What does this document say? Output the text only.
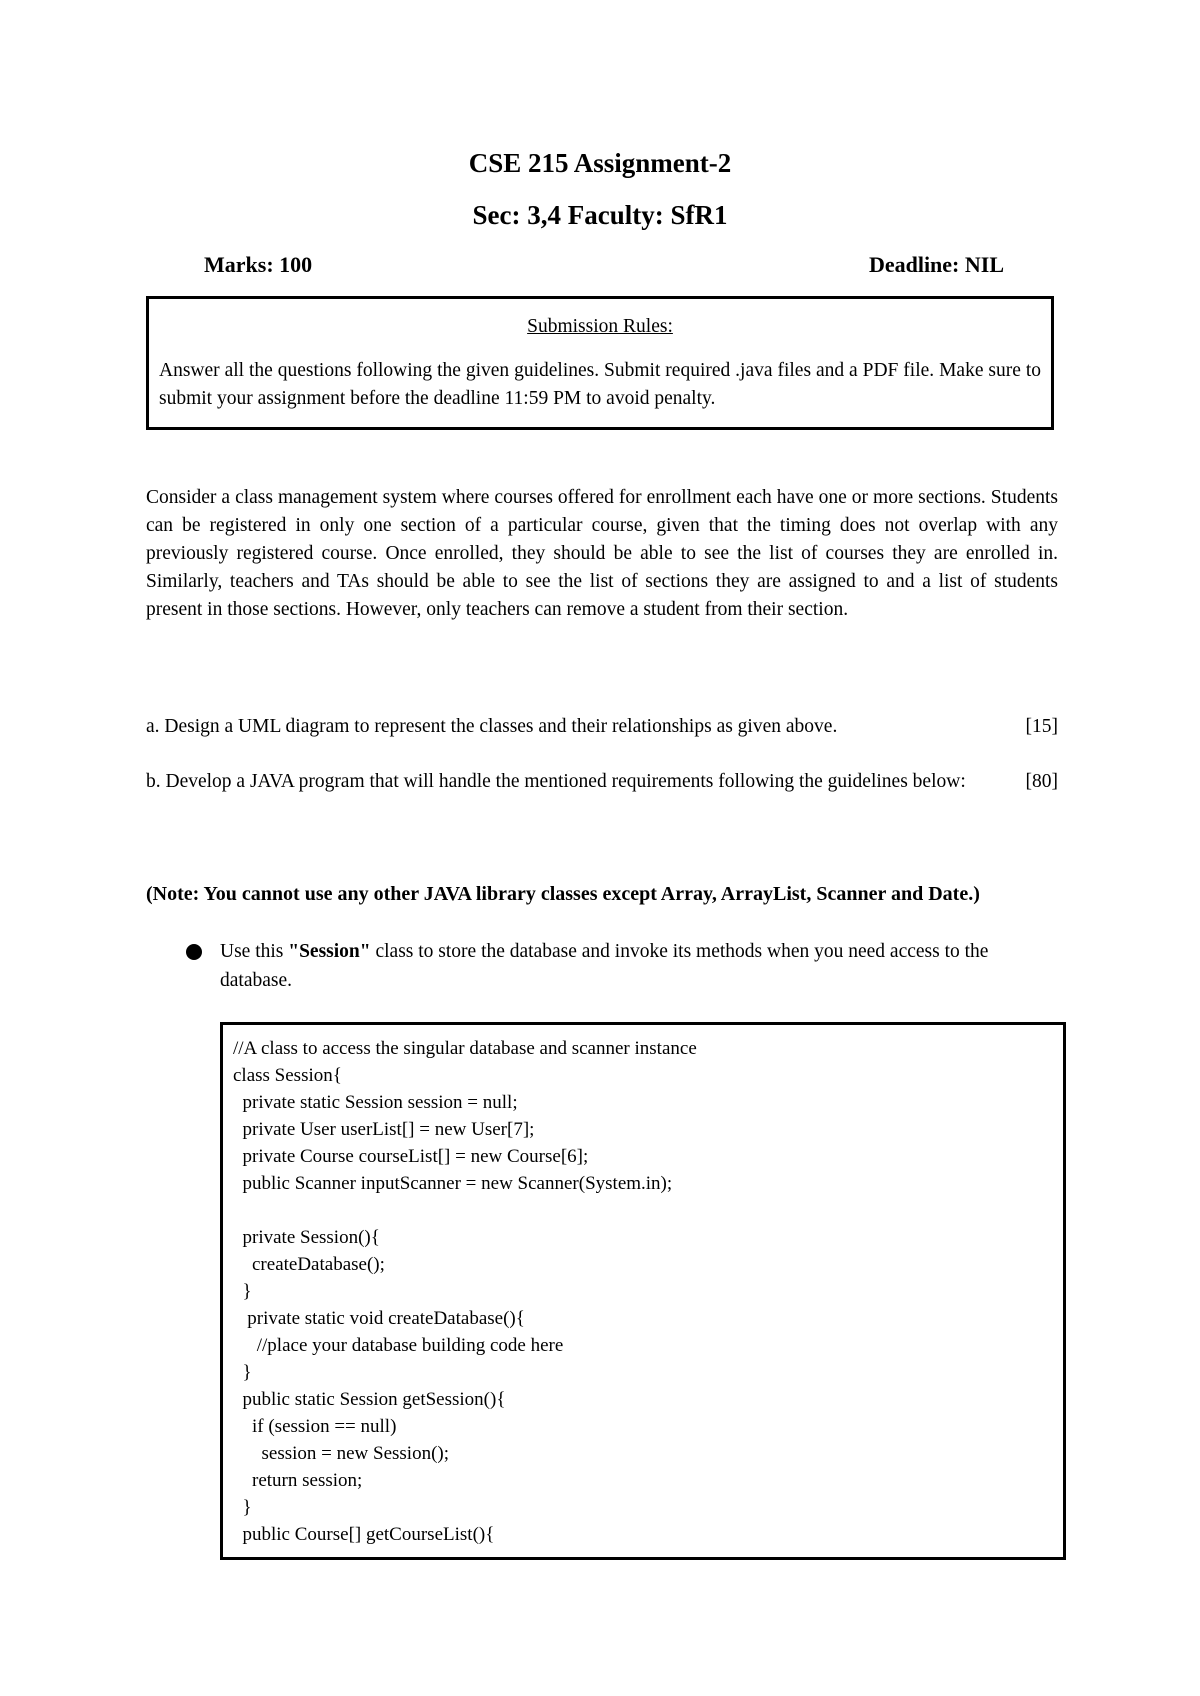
CSE 215 Assignment-2
Sec: 3,4 Faculty: SfR1
Marks: 100	Deadline: NIL

Submission Rules:

Answer all the questions following the given guidelines. Submit required .java files and a PDF file. Make sure to submit your assignment before the deadline 11:59 PM to avoid penalty.

Consider a class management system where courses offered for enrollment each have one or more sections. Students can be registered in only one section of a particular course, given that the timing does not overlap with any previously registered course. Once enrolled, they should be able to see the list of courses they are enrolled in. Similarly, teachers and TAs should be able to see the list of sections they are assigned to and a list of students present in those sections. However, only teachers can remove a student from their section.

[15]
a. Design a UML diagram to represent the classes and their relationships as given above.
b. Develop a JAVA program that will handle the mentioned requirements following the guidelines below:	[80]

(Note: You cannot use any other JAVA library classes except Array, ArrayList, Scanner and Date.)

Use this "Session" class to store the database and invoke its methods when you need access to the database.

//A class to access the singular database and scanner instance
class Session{
private static Session session = null;
private User userList[] = new User[7];
private Course courseList[] = new Course[6];
public Scanner inputScanner = new Scanner(System.in);
private Session(){
createDatabase();
}
private static void createDatabase(){
//place your database building code here
}
public static Session getSession(){
if (session == null)
session = new Session();
return session;
}
public Course[] getCourseList(){
